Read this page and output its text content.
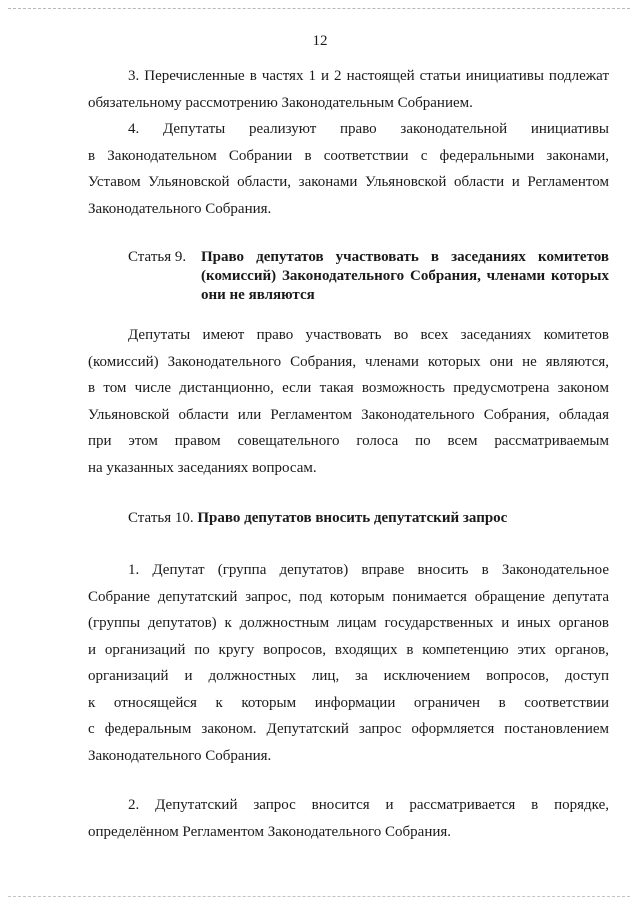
12
3. Перечисленные в частях 1 и 2 настоящей статьи инициативы подлежат
обязательному рассмотрению Законодательным Собранием.
4. Депутаты реализуют право законодательной инициативы
в Законодательном Собрании в соответствии с федеральными законами,
Уставом Ульяновской области, законами Ульяновской области и Регламентом
Законодательного Собрания.
Статья 9. Право депутатов участвовать в заседаниях комитетов (комиссий) Законодательного Собрания, членами которых они не являются
Депутаты имеют право участвовать во всех заседаниях комитетов
(комиссий) Законодательного Собрания, членами которых они не являются,
в том числе дистанционно, если такая возможность предусмотрена законом
Ульяновской области или Регламентом Законодательного Собрания, обладая
при этом правом совещательного голоса по всем рассматриваемым
на указанных заседаниях вопросам.
Статья 10. Право депутатов вносить депутатский запрос
1. Депутат (группа депутатов) вправе вносить в Законодательное
Собрание депутатский запрос, под которым понимается обращение депутата
(группы депутатов) к должностным лицам государственных и иных органов
и организаций по кругу вопросов, входящих в компетенцию этих органов,
организаций и должностных лиц, за исключением вопросов, доступ
к относящейся к которым информации ограничен в соответствии
с федеральным законом. Депутатский запрос оформляется постановлением
Законодательного Собрания.
2. Депутатский запрос вносится и рассматривается в порядке,
определённом Регламентом Законодательного Собрания.
